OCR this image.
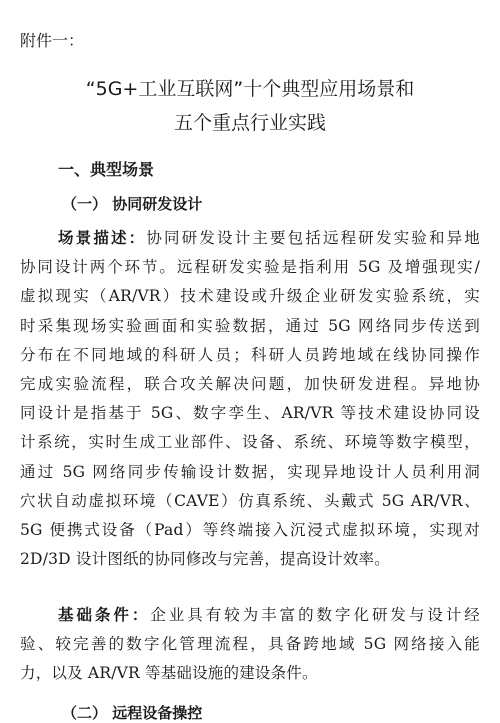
附件一：
“5G+工业互联网”十个典型应用场景和
五个重点行业实践
一、典型场景
（一） 协同研发设计
场景描述：协同研发设计主要包括远程研发实验和异地
协同设计两个环节。远程研发实验是指利用 5G 及增强现实/
虚拟现实（AR/VR）技术建设或升级企业研发实验系统，实
时采集现场实验画面和实验数据，通过 5G 网络同步传送到
分布在不同地域的科研人员；科研人员跨地域在线协同操作
完成实验流程，联合攻关解决问题，加快研发进程。异地协
同设计是指基于 5G、数字孪生、AR/VR 等技术建设协同设
计系统，实时生成工业部件、设备、系统、环境等数字模型，
通过 5G 网络同步传输设计数据，实现异地设计人员利用洞
穴状自动虚拟环境（CAVE）仿真系统、头戴式 5G AR/VR、
5G 便携式设备（Pad）等终端接入沉浸式虚拟环境，实现对
2D/3D 设计图纸的协同修改与完善，提高设计效率。
基础条件：企业具有较为丰富的数字化研发与设计经
验、较完善的数字化管理流程，具备跨地域 5G 网络接入能
力，以及 AR/VR 等基础设施的建设条件。
（二） 远程设备操控
